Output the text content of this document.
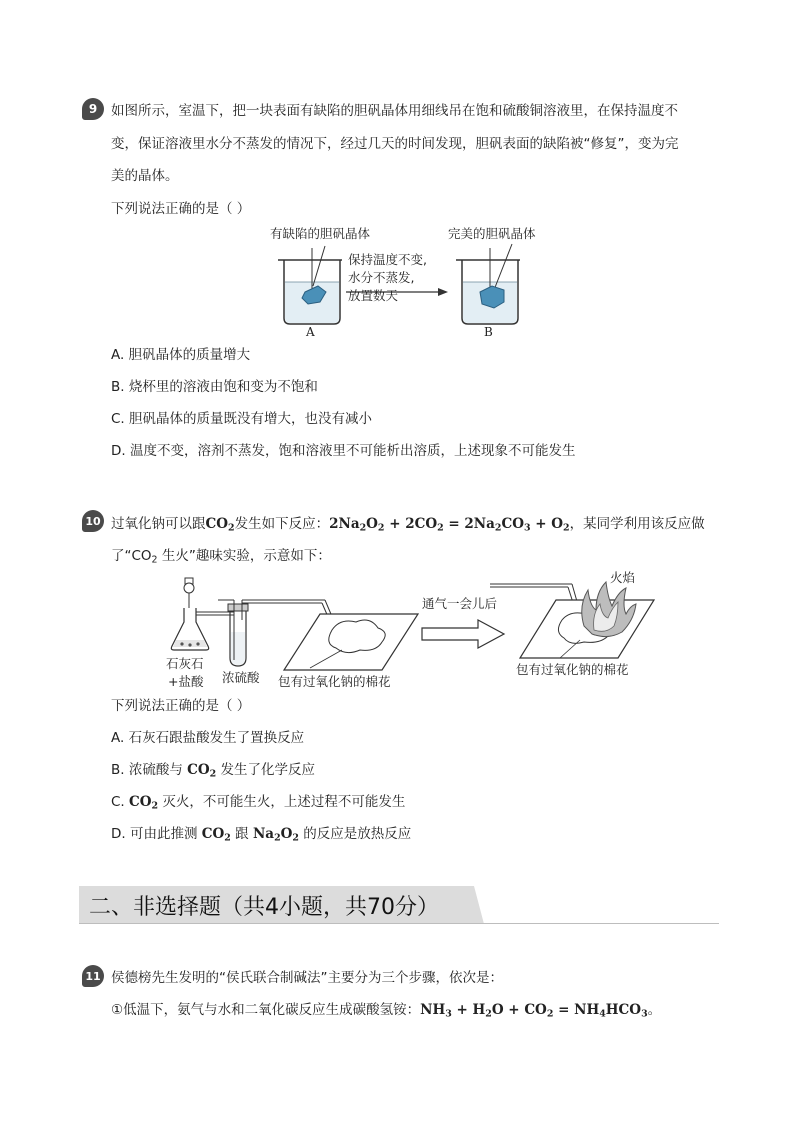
9	如图所示，室温下，把一块表面有缺陷的胆矾晶体用细线吊在饱和硫酸铜溶液里，在保持温度不
变，保证溶液里水分不蒸发的情况下，经过几天的时间发现，胆矾表面的缺陷被“修复”，变为完
美的晶体。
下列说法正确的是（ ）
有缺陷的胆矾晶体	完美的胆矾晶体
保持温度不变,
水分不蒸发,
放置数天
A	B
A. 胆矾晶体的质量增大
B. 烧杯里的溶液由饱和变为不饱和
C. 胆矾晶体的质量既没有增大，也没有减小
D. 温度不变，溶剂不蒸发，饱和溶液里不可能析出溶质，上述现象不可能发生
10 过氧化钠可以跟$CO_2$发生如下反应：$2Na_2O_2 + 2CO_2 = 2Na_2CO_3 + O_2$，某同学利用该反应做
了“$CO_2$ 生火”趣味实验，示意如下：
通气一会儿后
火焰
石灰石
+盐酸 浓硫酸 包有过氧化钠的棉花
包有过氧化钠的棉花
下列说法正确的是（ ）
A. 石灰石跟盐酸发生了置换反应
B. 浓硫酸与 $CO_2$ 发生了化学反应
C. $CO_2$ 灭火，不可能生火，上述过程不可能发生
D. 可由此推测 $CO_2$ 跟 $Na_2O_2$ 的反应是放热反应
二、非选择题（共4小题，共70分）
11 侯德榜先生发明的“侯氏联合制碱法”主要分为三个步骤，依次是：
①低温下，氨气与水和二氧化碳反应生成碳酸氢铵：$NH_3 + H_2O + CO_2 = NH_4HCO_3$。
